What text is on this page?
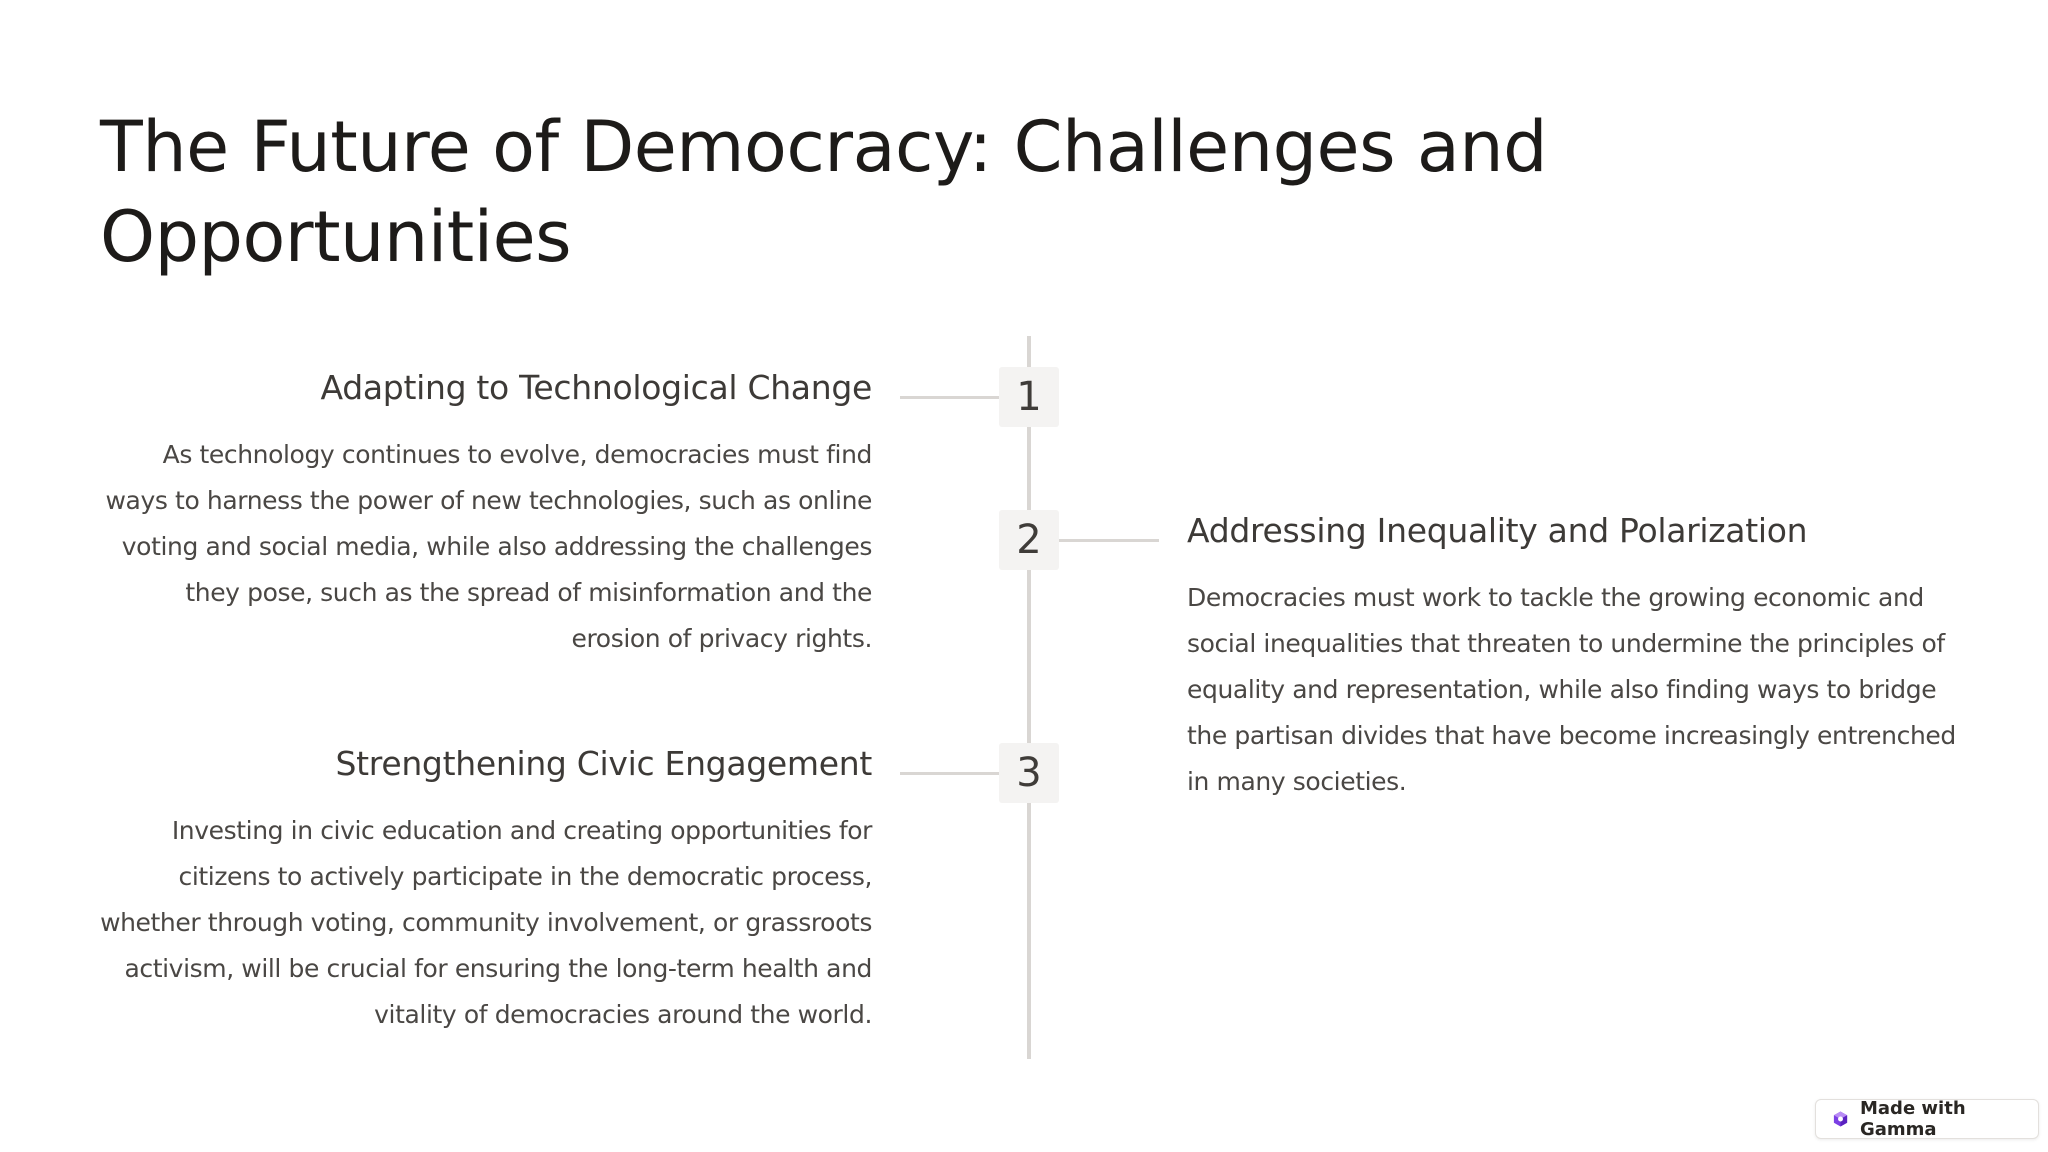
The Future of Democracy: Challenges and Opportunities
1
Adapting to Technological Change

As technology continues to evolve, democracies must find ways to harness the power of new technologies, such as online voting and social media, while also addressing the challenges they pose, such as the spread of misinformation and the erosion of privacy rights.

2	Addressing Inequality and Polarization

Democracies must work to tackle the growing economic and social inequalities that threaten to undermine the principles of equality and representation, while also finding ways to bridge the partisan divides that have become increasingly entrenched in many societies.

3
Strengthening Civic Engagement

Investing in civic education and creating opportunities for citizens to actively participate in the democratic process, whether through voting, community involvement, or grassroots activism, will be crucial for ensuring the long-term health and vitality of democracies around the world.

Made with Gamma
